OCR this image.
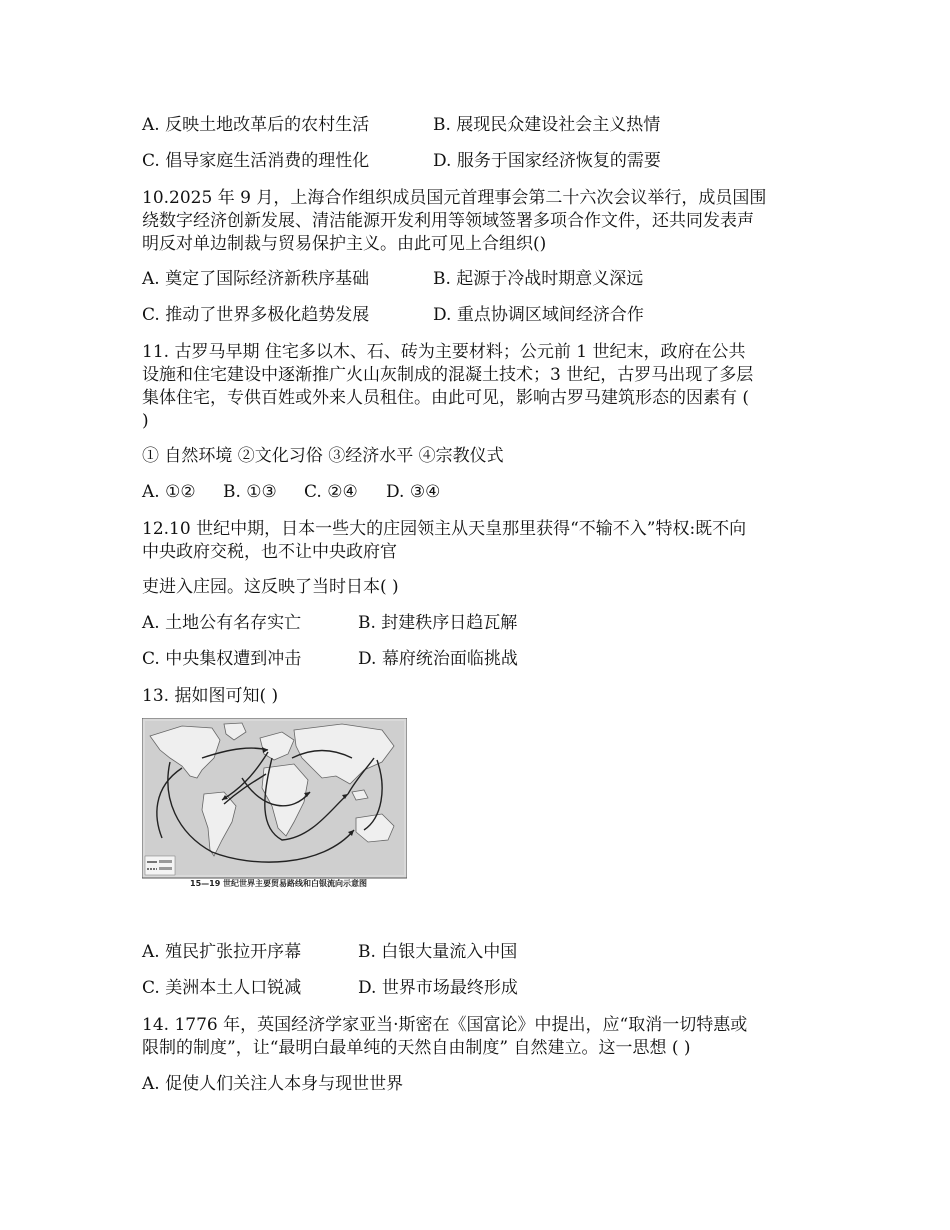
A. 反映土地改革后的农村生活	B. 展现民众建设社会主义热情
C. 倡导家庭生活消费的理性化	D. 服务于国家经济恢复的需要
10.2025 年 9 月，上海合作组织成员国元首理事会第二十六次会议举行，成员国围
绕数字经济创新发展、清洁能源开发利用等领域签署多项合作文件，还共同发表声
明反对单边制裁与贸易保护主义。由此可见上合组织()
A. 奠定了国际经济新秩序基础	B. 起源于冷战时期意义深远
C. 推动了世界多极化趋势发展	D. 重点协调区域间经济合作
11. 古罗马早期 住宅多以木、石、砖为主要材料；公元前 1 世纪末，政府在公共
设施和住宅建设中逐渐推广火山灰制成的混凝土技术；3 世纪，古罗马出现了多层
集体住宅，专供百姓或外来人员租住。由此可见，影响古罗马建筑形态的因素有 (
)
① 自然环境 ②文化习俗 ③经济水平 ④宗教仪式
A. ①② B. ①③ C. ②④ D. ③④
12.10 世纪中期，日本一些大的庄园领主从天皇那里获得“不输不入”特权:既不向
中央政府交税，也不让中央政府官
吏进入庄园。这反映了当时日本( )
A. 土地公有名存实亡	B. 封建秩序日趋瓦解
C. 中央集权遭到冲击	D. 幕府统治面临挑战
13. 据如图可知( )
15—19 世纪世界主要贸易路线和白银流向示意图
A. 殖民扩张拉开序幕	B. 白银大量流入中国
C. 美洲本土人口锐减	D. 世界市场最终形成
14. 1776 年，英国经济学家亚当·斯密在《国富论》中提出，应“取消一切特惠或
限制的制度”，让“最明白最单纯的天然自由制度” 自然建立。这一思想 ( )
A. 促使人们关注人本身与现世世界
